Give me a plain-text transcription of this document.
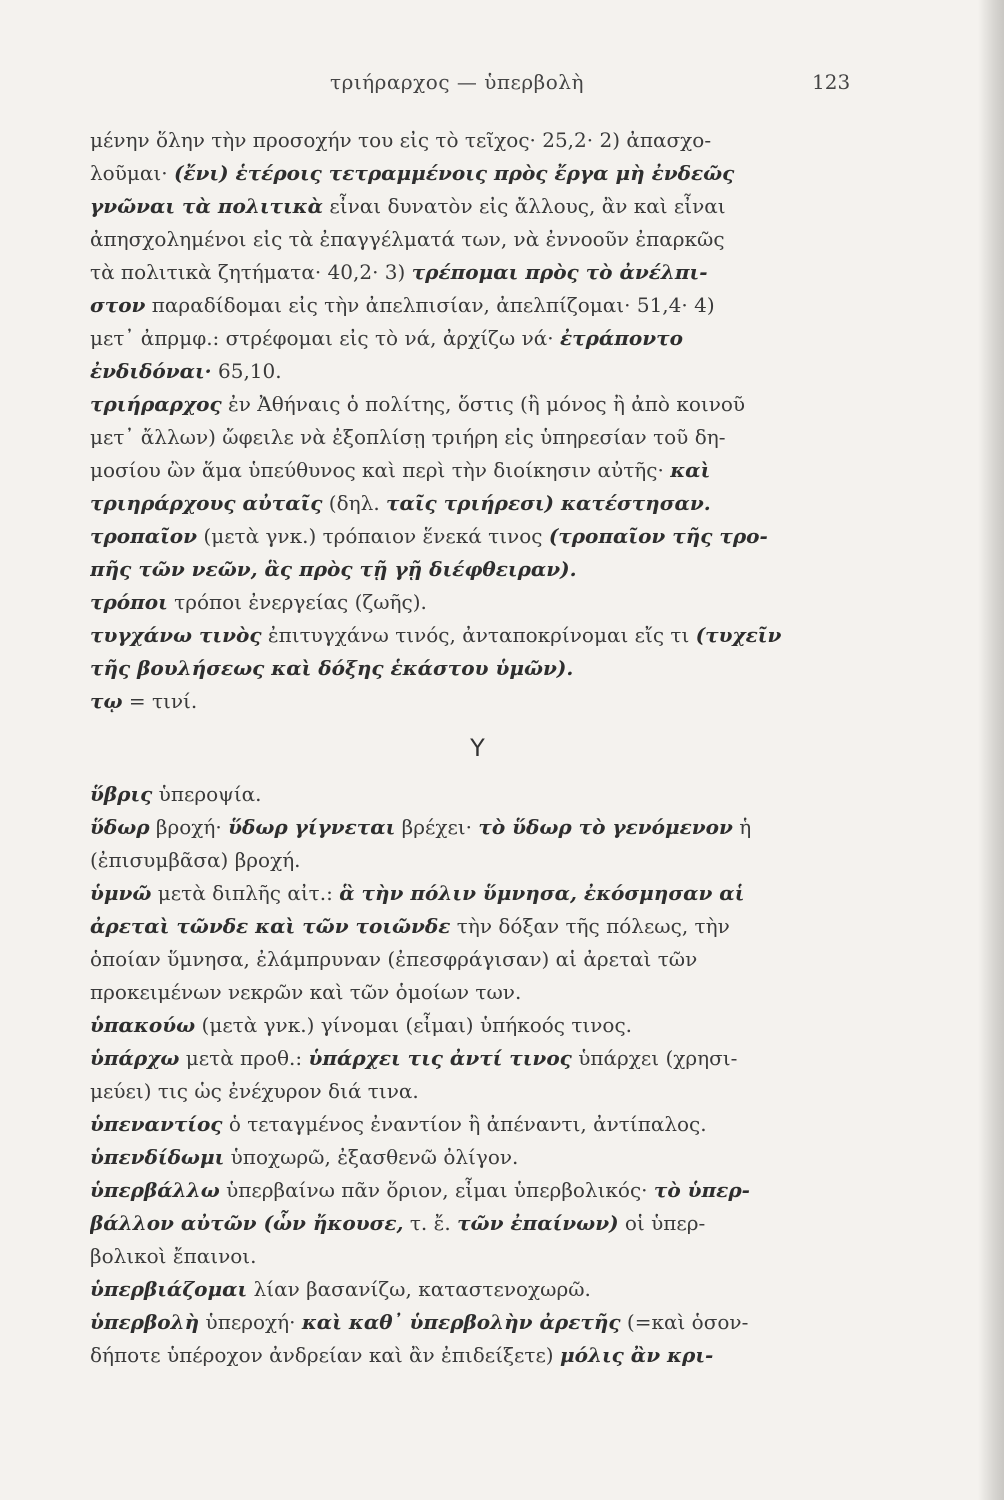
τριήραρχος — ὑπερβολὴ	123
μένην ὅλην τὴν προσοχήν του εἰς τὸ τεῖχος· 25,2· 2) ἀπασχο-
λοῦμαι· (ἔνι) ἑτέροις τετραμμένοις πρὸς ἔργα μὴ ἐνδεῶς
γνῶναι τὰ πολιτικὰ εἶναι δυνατὸν εἰς ἄλλους, ἂν καὶ εἶναι
ἀπησχολημένοι εἰς τὰ ἐπαγγέλματά των, νὰ ἐννοοῦν ἐπαρκῶς
τὰ πολιτικὰ ζητήματα· 40,2· 3) τρέπομαι πρὸς τὸ ἀνέλπι-
στον παραδίδομαι εἰς τὴν ἀπελπισίαν, ἀπελπίζομαι· 51,4· 4)
μετ᾽ ἀπρμφ.: στρέφομαι εἰς τὸ νά, ἀρχίζω νά· ἐτράποντο
ἐνδιδόναι· 65,10.
τριήραρχος ἐν Ἀθήναις ὁ πολίτης, ὅστις (ἢ μόνος ἢ ἀπὸ κοινοῦ
μετ᾽ ἄλλων) ὤφειλε νὰ ἐξοπλίσῃ τριήρη εἰς ὑπηρεσίαν τοῦ δη-
μοσίου ὢν ἅμα ὑπεύθυνος καὶ περὶ τὴν διοίκησιν αὐτῆς· καὶ
τριηράρχους αὐταῖς (δηλ. ταῖς τριήρεσι) κατέστησαν.
τροπαῖον (μετὰ γνκ.) τρόπαιον ἕνεκά τινος (τροπαῖον τῆς τρο-
πῆς τῶν νεῶν, ἃς πρὸς τῇ γῇ διέφθειραν).
τρόποι τρόποι ἐνεργείας (ζωῆς).
τυγχάνω τινὸς ἐπιτυγχάνω τινός, ἀνταποκρίνομαι εἴς τι (τυχεῖν
τῆς βουλήσεως καὶ δόξης ἑκάστου ὑμῶν).
τῳ = τινί.
Υ
ὕβρις ὑπεροψία.
ὕδωρ βροχή· ὕδωρ γίγνεται βρέχει· τὸ ὕδωρ τὸ γενόμενον ἡ
(ἐπισυμβᾶσα) βροχή.
ὑμνῶ μετὰ διπλῆς αἰτ.: ἃ τὴν πόλιν ὕμνησα, ἐκόσμησαν αἱ
ἀρεταὶ τῶνδε καὶ τῶν τοιῶνδε τὴν δόξαν τῆς πόλεως, τὴν
ὁποίαν ὕμνησα, ἐλάμπρυναν (ἐπεσφράγισαν) αἱ ἀρεταὶ τῶν
προκειμένων νεκρῶν καὶ τῶν ὁμοίων των.
ὑπακούω (μετὰ γνκ.) γίνομαι (εἶμαι) ὑπήκοός τινος.
ὑπάρχω μετὰ προθ.: ὑπάρχει τις ἀντί τινος ὑπάρχει (χρησι-
μεύει) τις ὡς ἐνέχυρον διά τινα.
ὑπεναντίος ὁ τεταγμένος ἐναντίον ἢ ἀπέναντι, ἀντίπαλος.
ὑπενδίδωμι ὑποχωρῶ, ἐξασθενῶ ὀλίγον.
ὑπερβάλλω ὑπερβαίνω πᾶν ὅριον, εἶμαι ὑπερβολικός· τὸ ὑπερ-
βάλλον αὐτῶν (ὧν ἤκουσε, τ. ἔ. τῶν ἐπαίνων) οἱ ὑπερ-
βολικοὶ ἔπαινοι.
ὑπερβιάζομαι λίαν βασανίζω, καταστενοχωρῶ.
ὑπερβολὴ ὑπεροχή· καὶ καθ᾽ ὑπερβολὴν ἀρετῆς (=καὶ ὁσον-
δήποτε ὑπέροχον ἀνδρείαν καὶ ἂν ἐπιδείξετε) μόλις ἂν κρι-
